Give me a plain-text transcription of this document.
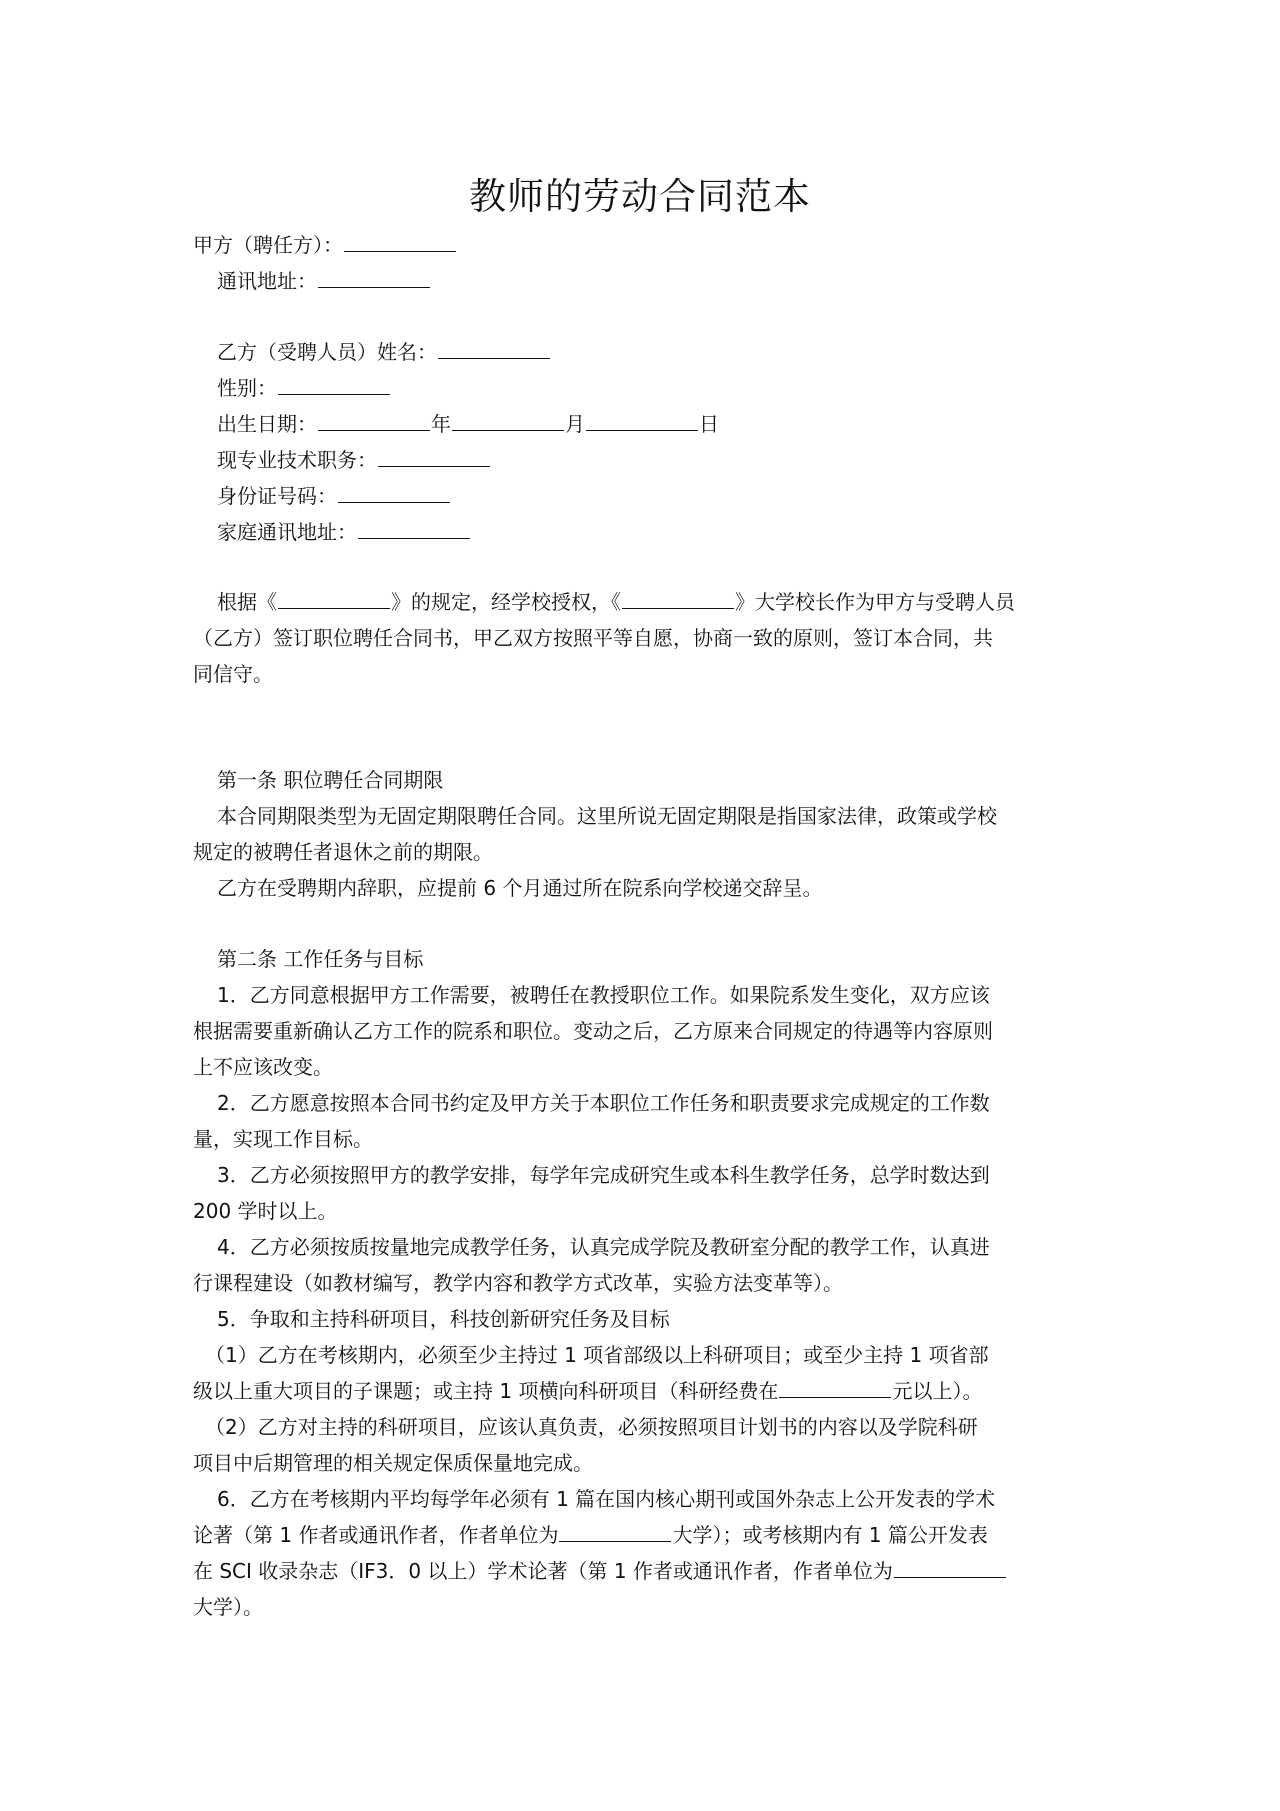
教师的劳动合同范本
甲方（聘任方）：
通讯地址：
乙方（受聘人员）姓名：
性别：
出生日期：	年	月	日
现专业技术职务：
身份证号码：
家庭通讯地址：
根据《	》的规定，经学校授权，《	》大学校长作为甲方与受聘人员
（乙方）签订职位聘任合同书，甲乙双方按照平等自愿，协商一致的原则，签订本合同，共
同信守。
第一条 职位聘任合同期限
本合同期限类型为无固定期限聘任合同。这里所说无固定期限是指国家法律，政策或学校
规定的被聘任者退休之前的期限。
乙方在受聘期内辞职，应提前 6 个月通过所在院系向学校递交辞呈。
第二条 工作任务与目标
1．乙方同意根据甲方工作需要，被聘任在教授职位工作。如果院系发生变化，双方应该
根据需要重新确认乙方工作的院系和职位。变动之后，乙方原来合同规定的待遇等内容原则
上不应该改变。
2．乙方愿意按照本合同书约定及甲方关于本职位工作任务和职责要求完成规定的工作数
量，实现工作目标。
3．乙方必须按照甲方的教学安排，每学年完成研究生或本科生教学任务，总学时数达到
200 学时以上。
4．乙方必须按质按量地完成教学任务，认真完成学院及教研室分配的教学工作，认真进
行课程建设（如教材编写，教学内容和教学方式改革，实验方法变革等）。
5．争取和主持科研项目，科技创新研究任务及目标
（1）乙方在考核期内，必须至少主持过 1 项省部级以上科研项目；或至少主持 1 项省部
级以上重大项目的子课题；或主持 1 项横向科研项目（科研经费在	元以上）。
（2）乙方对主持的科研项目，应该认真负责，必须按照项目计划书的内容以及学院科研
项目中后期管理的相关规定保质保量地完成。
6．乙方在考核期内平均每学年必须有 1 篇在国内核心期刊或国外杂志上公开发表的学术
论著（第 1 作者或通讯作者，作者单位为	大学）；或考核期内有 1 篇公开发表
在 SCI 收录杂志（IF3．0 以上）学术论著（第 1 作者或通讯作者，作者单位为
大学）。
